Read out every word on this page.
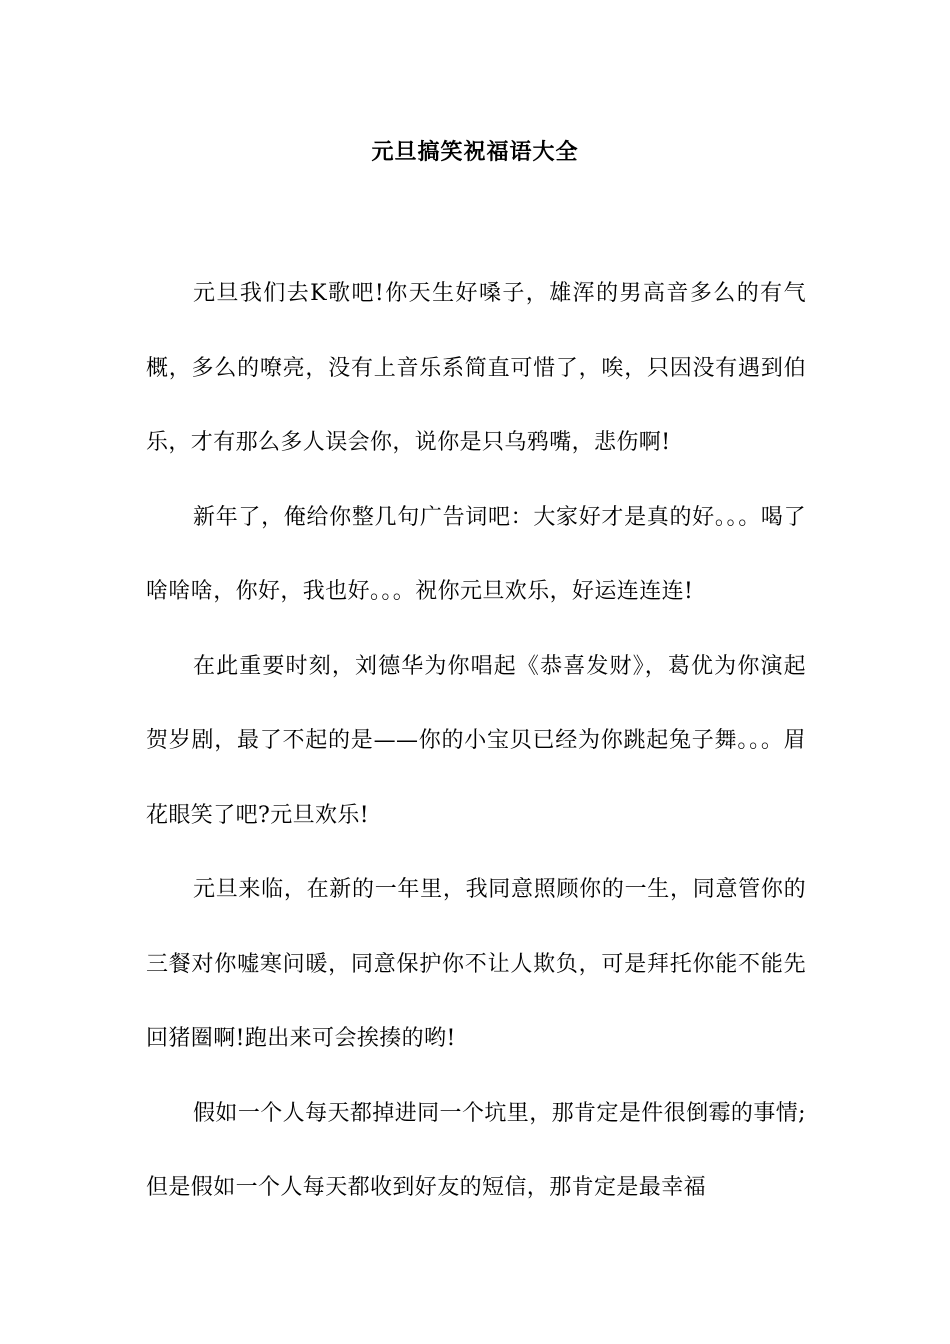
元旦搞笑祝福语大全

元旦我们去K歌吧!你天生好嗓子，雄浑的男高音多么的有气概，多么的嘹亮，没有上音乐系简直可惜了，唉，只因没有遇到伯乐，才有那么多人误会你，说你是只乌鸦嘴，悲伤啊!

新年了，俺给你整几句广告词吧：大家好才是真的好。。。喝了啥啥啥，你好，我也好。。。祝你元旦欢乐，好运连连连!

在此重要时刻，刘德华为你唱起《恭喜发财》，葛优为你演起贺岁剧，最了不起的是——你的小宝贝已经为你跳起兔子舞。。。眉花眼笑了吧?元旦欢乐!

元旦来临，在新的一年里，我同意照顾你的一生，同意管你的三餐对你嘘寒问暖，同意保护你不让人欺负，可是拜托你能不能先回猪圈啊!跑出来可会挨揍的哟!

假如一个人每天都掉进同一个坑里，那肯定是件很倒霉的事情;但是假如一个人每天都收到好友的短信，那肯定是最幸福
